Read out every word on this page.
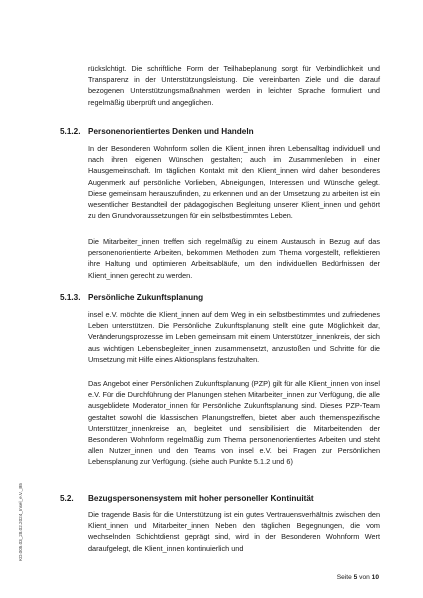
rückslchtigt. Die schriftliche Form der Teilhabeplanung sorgt für Verbindlichkeit und Transparenz in der Unterstützungsleistung. Die vereinbarten Ziele und die darauf bezogenen Unterstützungsmaßnahmen werden in leichter Sprache formuliert und regelmäßig überprüft und angeglichen.

5.1.2. Personenorientiertes Denken und Handeln

In der Besonderen Wohnform sollen die Klient_innen ihren Lebensalltag individuell und nach ihren eigenen Wünschen gestalten; auch im Zusammenleben in einer Hausgemeinschaft. Im täglichen Kontakt mit den Klient_innen wird daher besonderes Augenmerk auf persönliche Vorlieben, Abneigungen, Interessen und Wünsche gelegt. Diese gemeinsam herauszufinden, zu erkennen und an der Umsetzung zu arbeiten ist ein wesentlicher Bestandteil der pädagogischen Begleitung unserer Klient_innen und gehört zu den Grundvoraussetzungen für ein selbstbestimmtes Leben.

Die Mitarbeiter_innen treffen sich regelmäßig zu einem Austausch in Bezug auf das personenorientierte Arbeiten, bekommen Methoden zum Thema vorgestellt, reflektieren ihre Haltung und optimieren Arbeitsabläufe, um den individuellen Bedürfnissen der Klient_innen gerecht zu werden.

5.1.3. Persönliche Zukunftsplanung

insel e.V. möchte die Klient_innen auf dem Weg in ein selbstbestimmtes und zufriedenes Leben unterstützen. Die Persönliche Zukunftsplanung stellt eine gute Möglichkeit dar, Veränderungsprozesse im Leben gemeinsam mit einem Unterstützer_innenkreis, der sich aus wichtigen Lebensbegleiter_innen zusammensetzt, anzustoßen und Schritte für die Umsetzung mit Hilfe eines Aktionsplans festzuhalten.

Das Angebot einer Persönlichen Zukunftsplanung (PZP) gilt für alle Klient_innen von insel e.V. Für die Durchführung der Planungen stehen Mitarbeiter_innen zur Verfügung, die alle ausgeblidete Moderator_innen für Persönliche Zukunftsplanung sind. Dieses PZP-Team gestaltet sowohl die klassischen Planungstreffen, bietet aber auch themenspezifische Unterstützer_innenkreise an, begleitet und sensibilisiert die Mitarbeitenden der Besonderen Wohnform regelmäßig zum Thema personenorientiertes Arbeiten und steht allen Nutzer_innen und den Teams von insel e.V. bei Fragen zur Persönlichen Lebensplanung zur Verfügung. (siehe auch Punkte 5.1.2 und 6)

5.2. Bezugspersonensystem mit hoher personeller Kontinuität

Die tragende Basis für die Unterstützung ist ein gutes Vertrauensverhältnis zwischen den Klient_innen und Mitarbeiter_innen Neben den täglichen Begegnungen, die vom wechselnden Schichtdienst geprägt sind, wird in der Besonderen Wohnform Wert daraufgelegt, dle Klient_innen kontinuierlich und

KD.005.03_28.02.2024_Insel_e.V._B5
Seite 5 von 10
